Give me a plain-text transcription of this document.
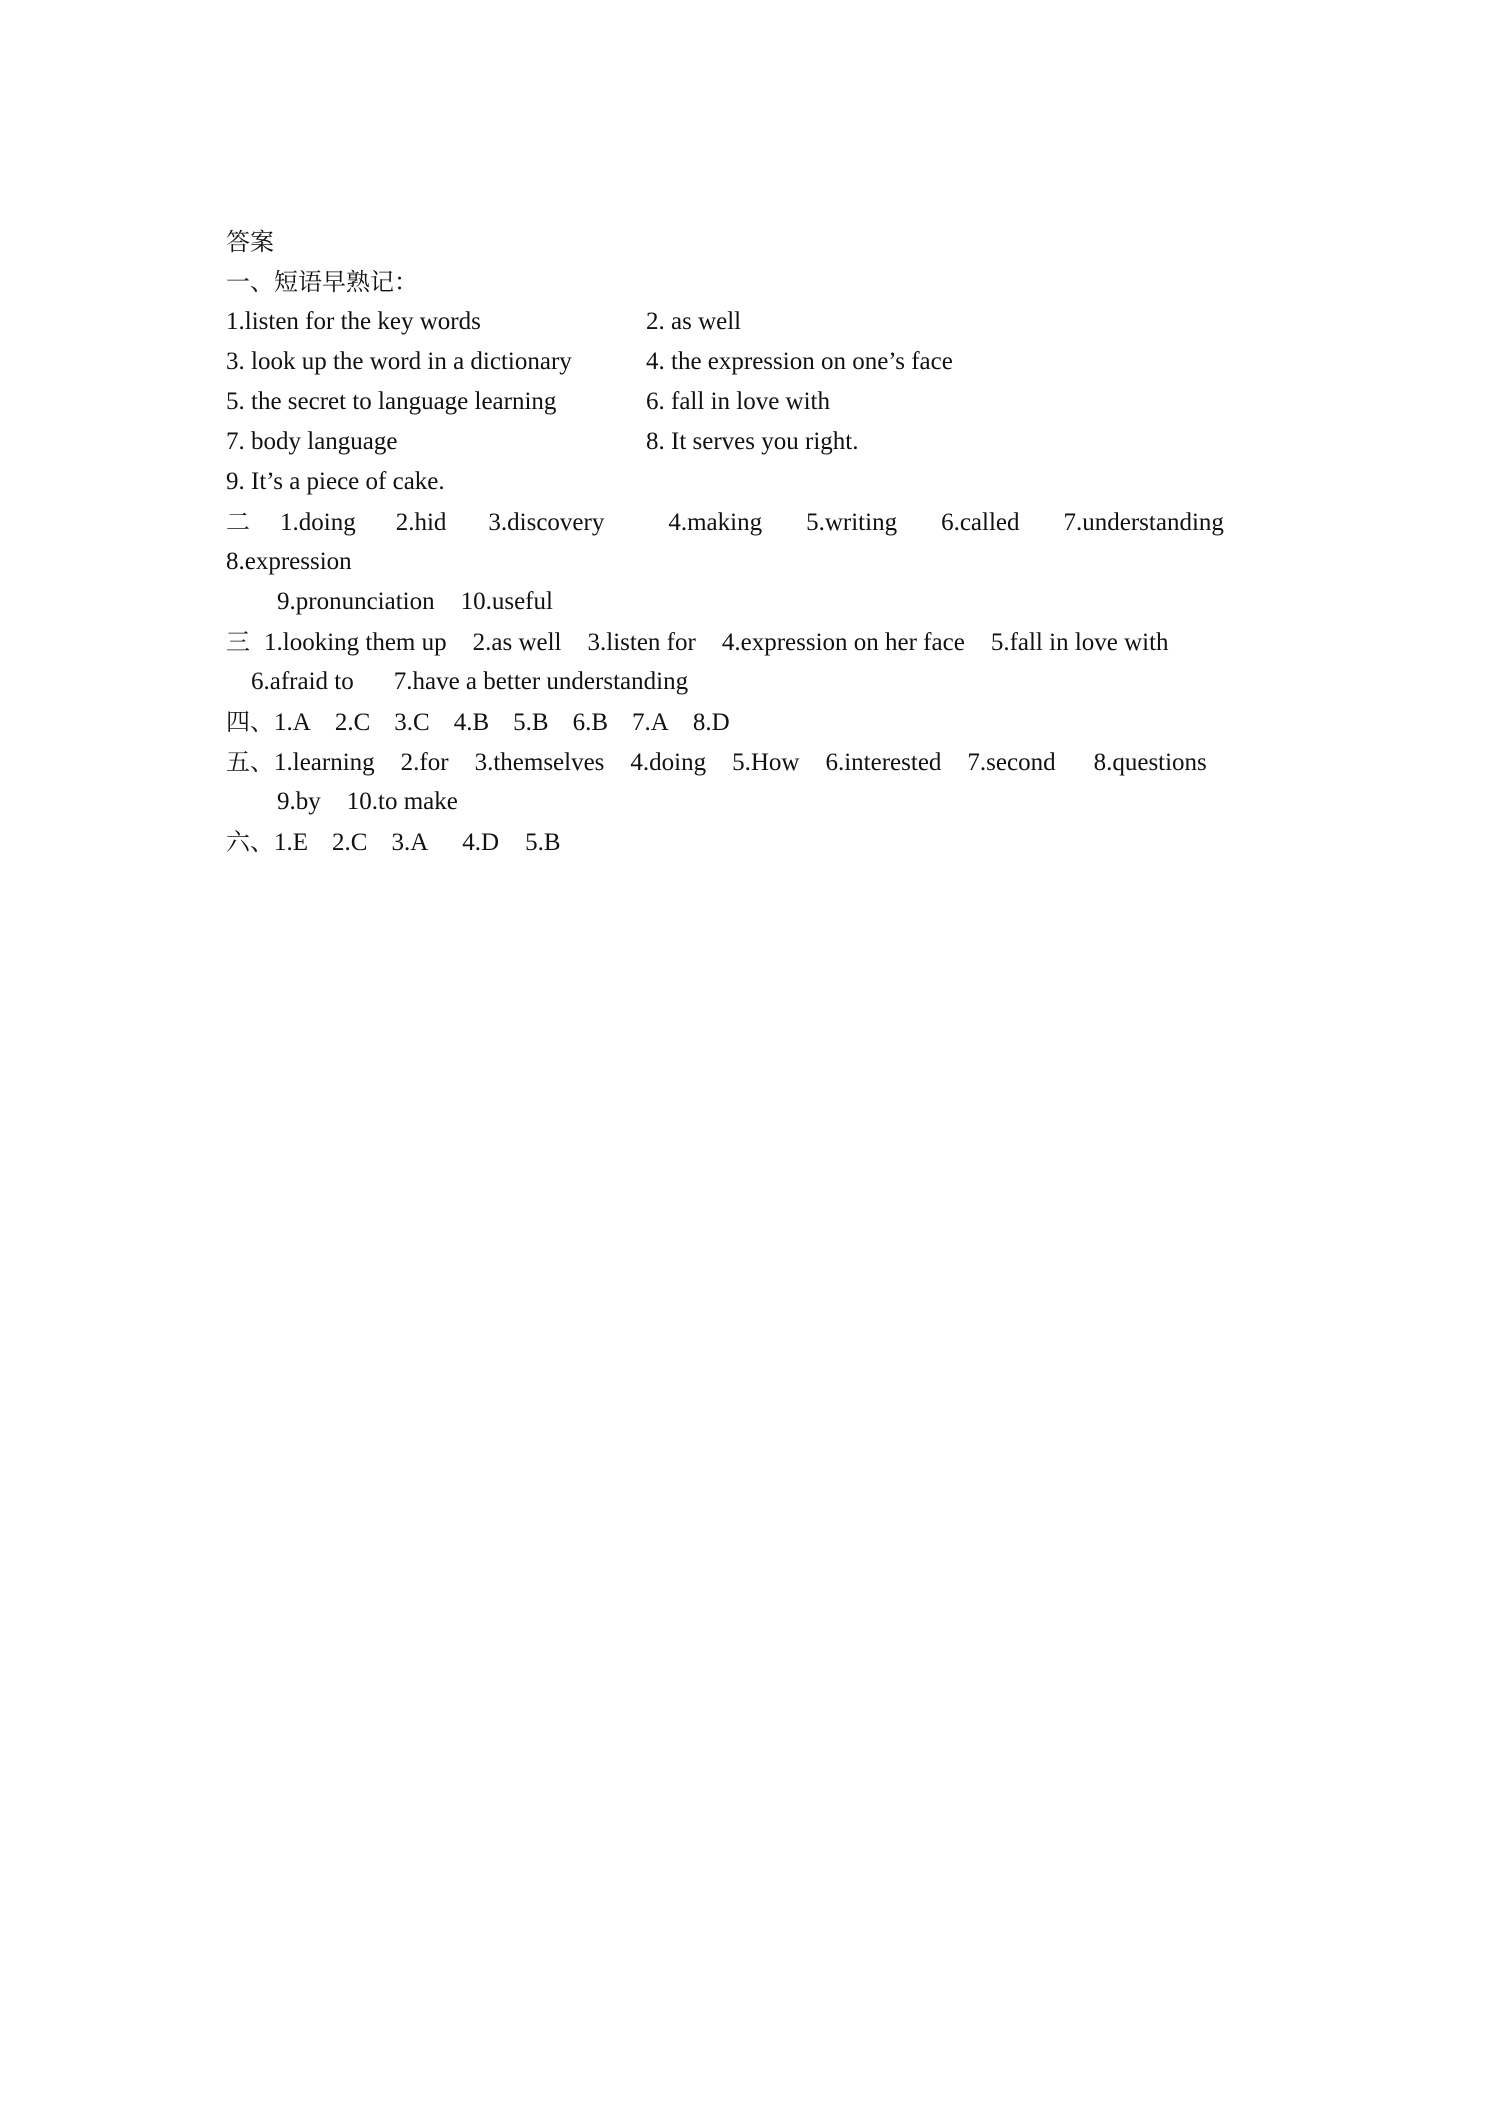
答案
一、短语早熟记：
1.listen for the key words	2. as well
3. look up the word in a dictionary	4. the expression on one’s face
5. the secret to language learning	6. fall in love with
7. body language	8. It serves you right.
9. It’s a piece of cake.
二 1.doing 2.hid 3.discovery	4.making 5.writing 6.called 7.understanding
8.expression
9.pronunciation 10.useful
三 1.looking them up 2.as well 3.listen for 4.expression on her face 5.fall in love with
6.afraid to 7.have a better understanding
四、1.A 2.C 3.C 4.B 5.B 6.B 7.A 8.D
五、1.learning 2.for 3.themselves 4.doing 5.How 6.interested 7.second 8.questions
9.by 10.to make
六、1.E 2.C 3.A 4.D 5.B
